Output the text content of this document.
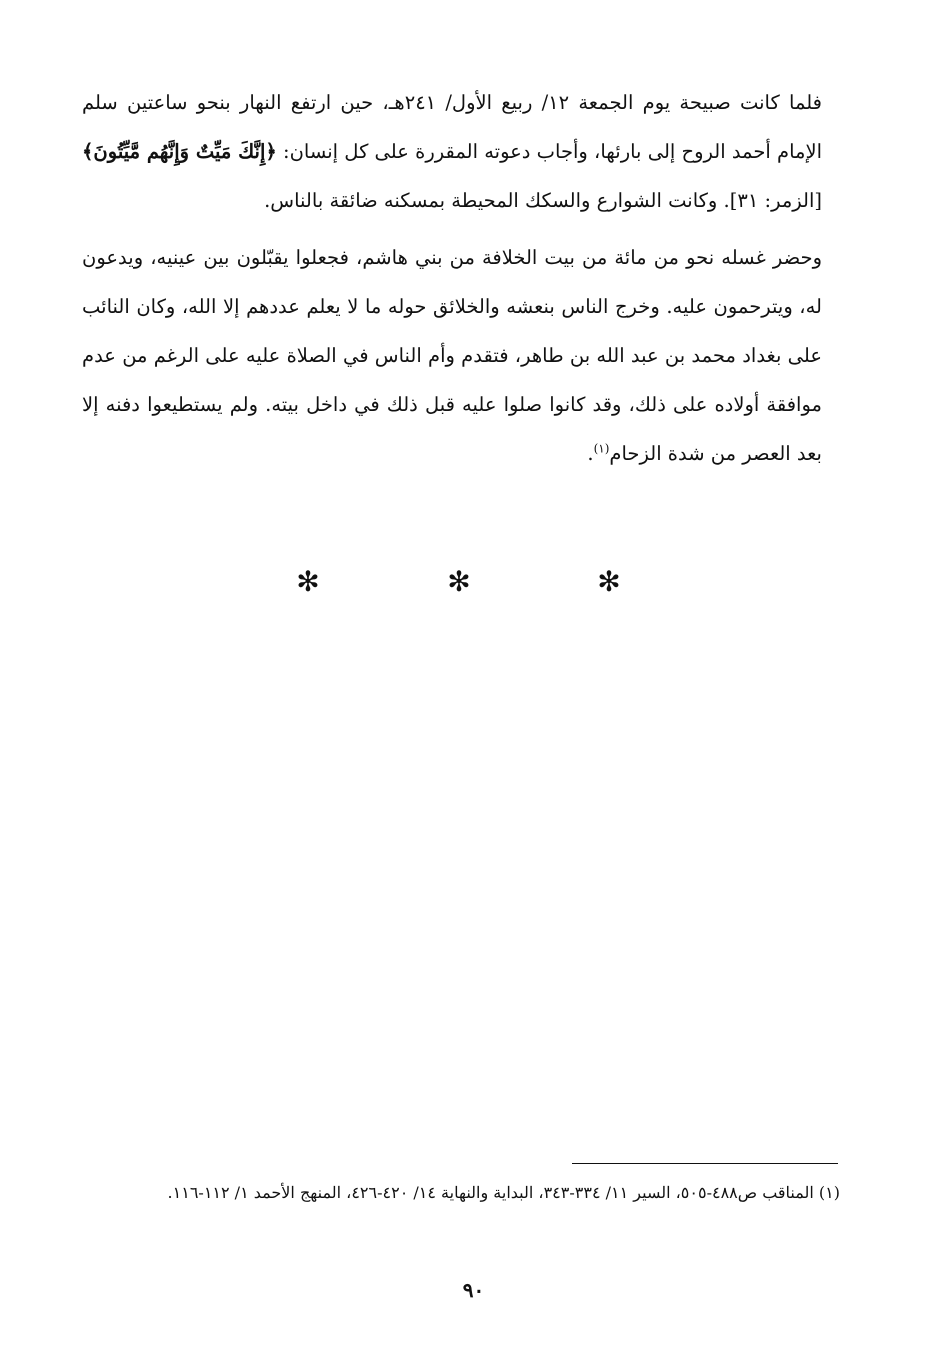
فلما كانت صبيحة يوم الجمعة ١٢/ ربيع الأول/ ٢٤١هـ، حين ارتفع النهار بنحو ساعتين سلم الإمام أحمد الروح إلى بارئها، وأجاب دعوته المقررة على كل إنسان: ﴿إِنَّكَ مَيِّتٌ وَإِنَّهُم مَّيِّتُونَ﴾ [الزمر: ٣١]. وكانت الشوارع والسكك المحيطة بمسكنه ضائقة بالناس.

وحضر غسله نحو من مائة من بيت الخلافة من بني هاشم، فجعلوا يقبّلون بين عينيه، ويدعون له، ويترحمون عليه. وخرج الناس بنعشه والخلائق حوله ما لا يعلم عددهم إلا الله، وكان النائب على بغداد محمد بن عبد الله بن طاهر، فتقدم وأم الناس في الصلاة عليه على الرغم من عدم موافقة أولاده على ذلك، وقد كانوا صلوا عليه قبل ذلك في داخل بيته. ولم يستطيعوا دفنه إلا بعد العصر من شدة الزحام$^{(١)}$.

✻
✻
✻
(١) المناقب ص٤٨٨-٥٠٥، السير ١١/ ٣٣٤-٣٤٣، البداية والنهاية ١٤/ ٤٢٠-٤٢٦، المنهج الأحمد ١/ ١١٢-١١٦.
٩٠
